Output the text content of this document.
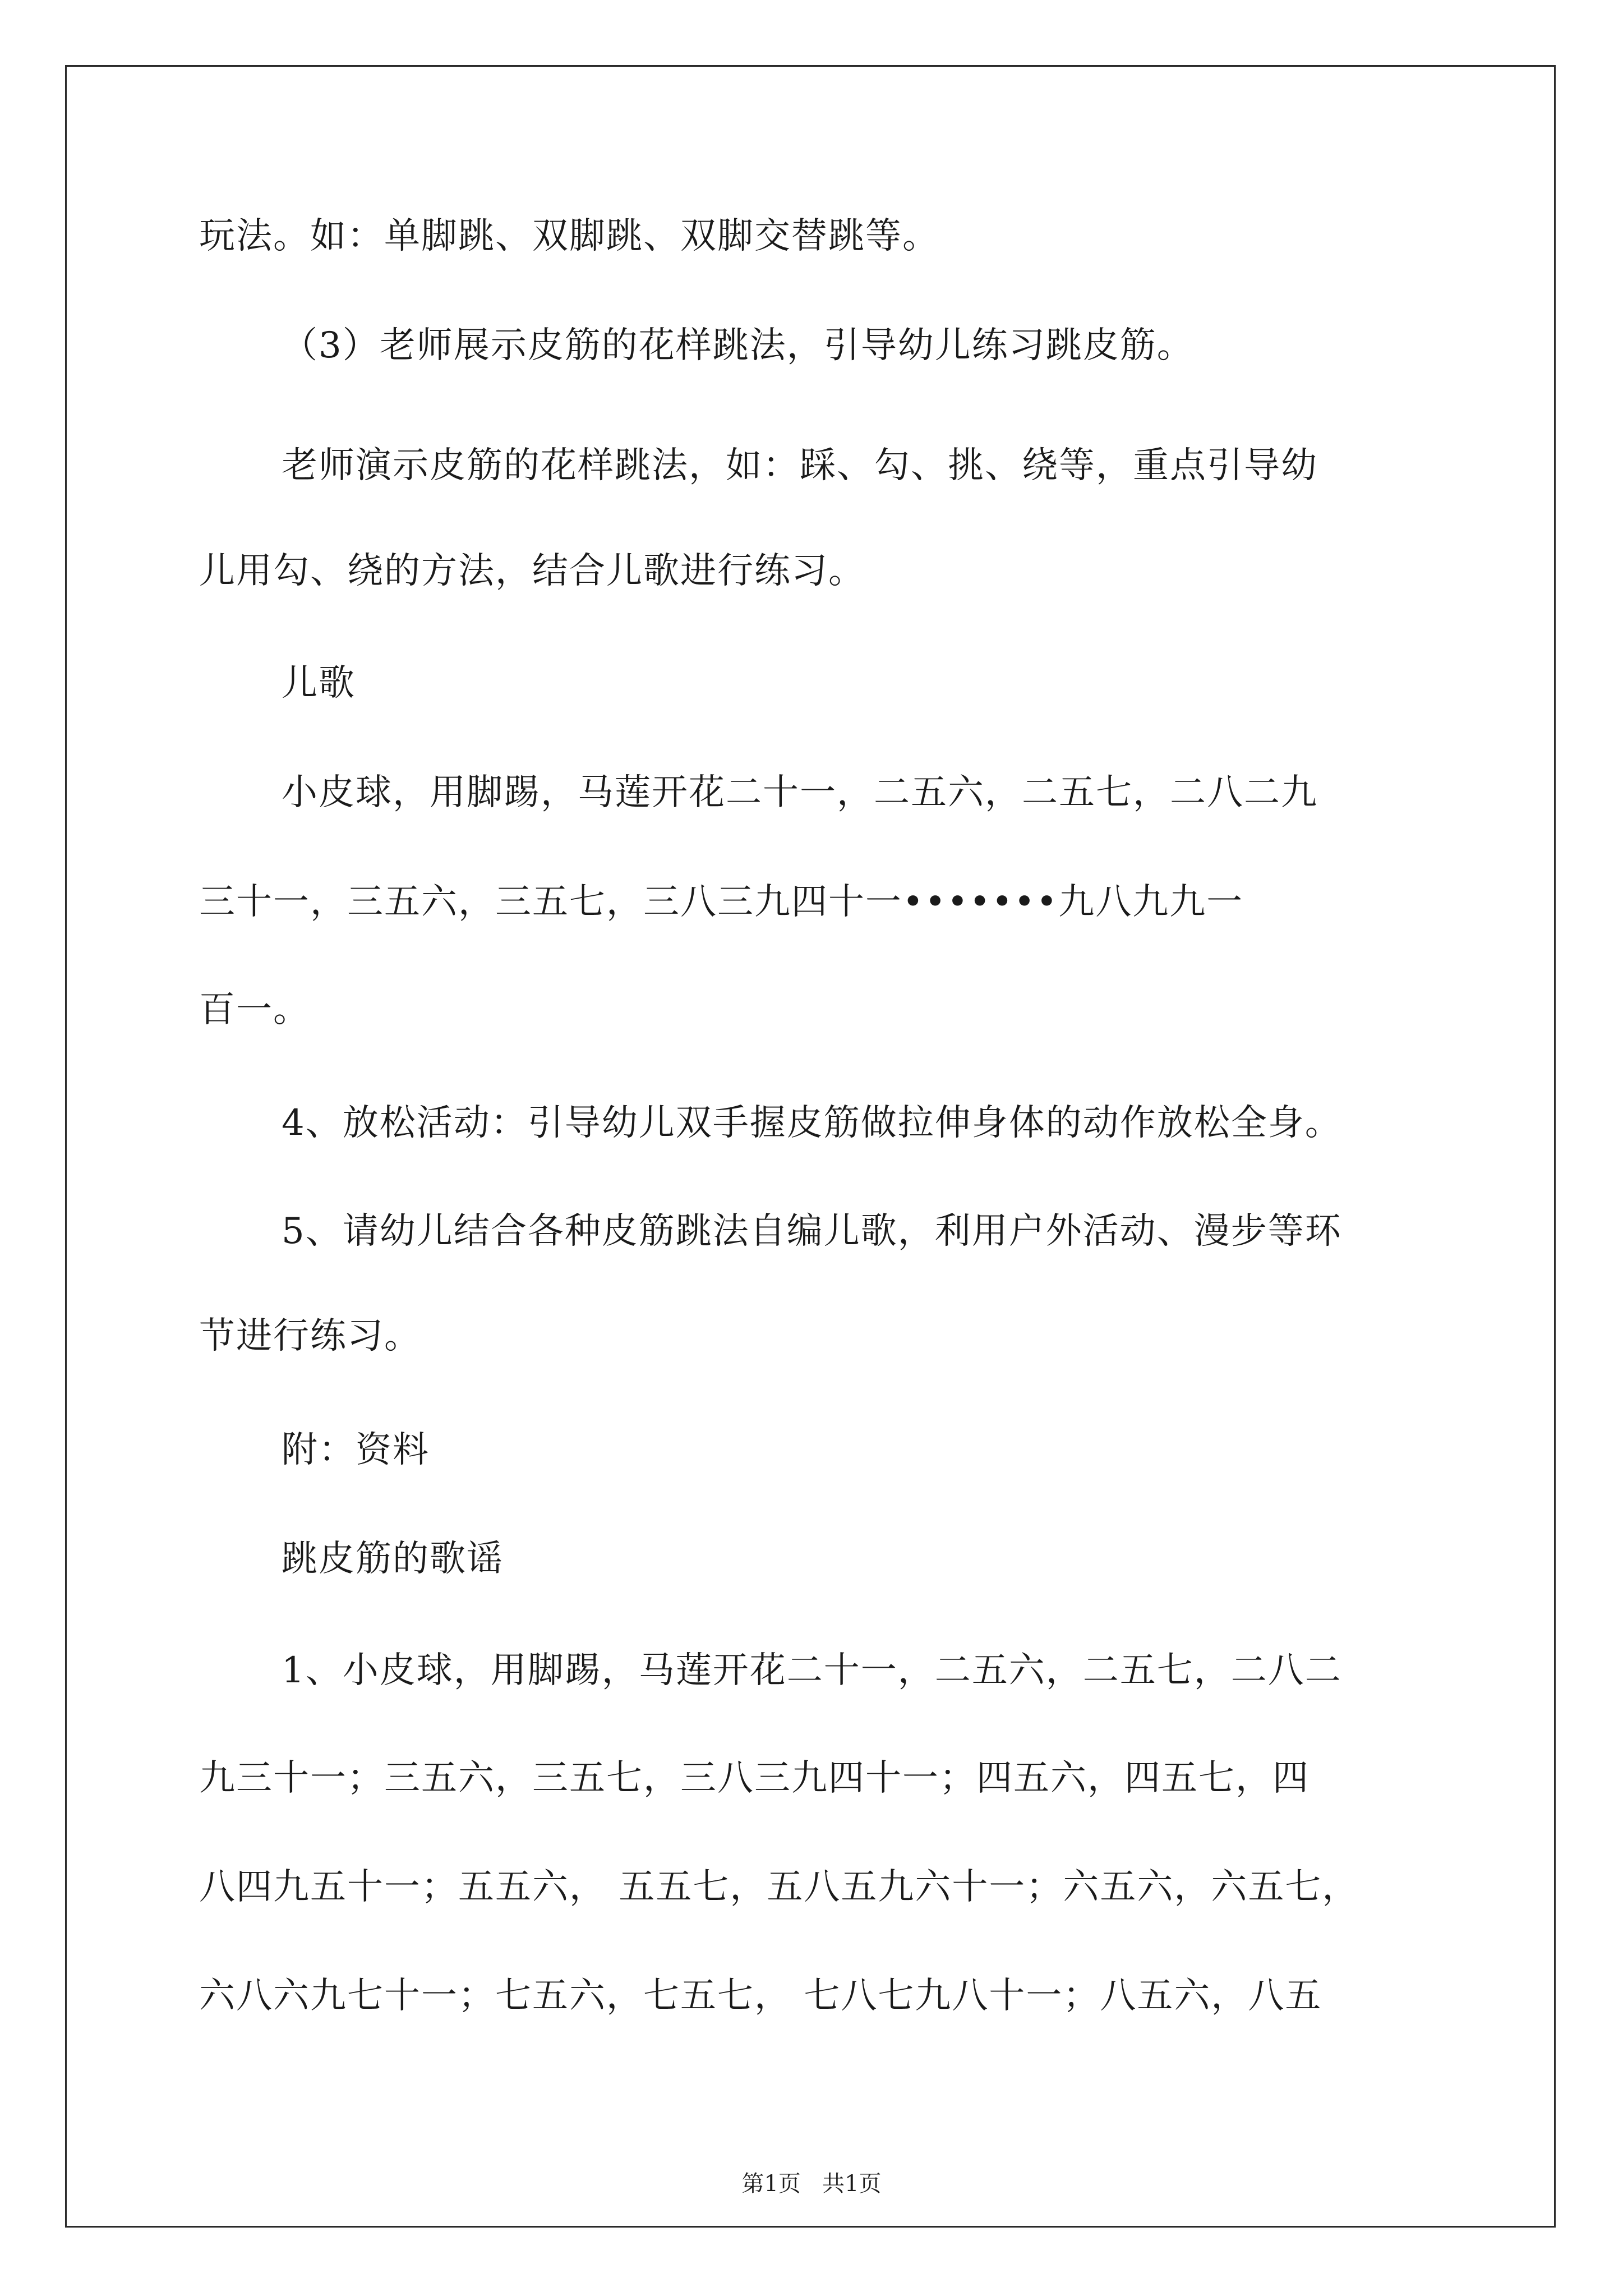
玩法。如：单脚跳、双脚跳、双脚交替跳等。
（3）老师展示皮筋的花样跳法，引导幼儿练习跳皮筋。
老师演示皮筋的花样跳法，如：踩、勾、挑、绕等，重点引导幼
儿用勾、绕的方法，结合儿歌进行练习。
儿歌
小皮球，用脚踢，马莲开花二十一，二五六，二五七，二八二九
三十一，三五六，三五七，三八三九四十一•••••••九八九九一
百一。
4、放松活动：引导幼儿双手握皮筋做拉伸身体的动作放松全身。
5、请幼儿结合各种皮筋跳法自编儿歌，利用户外活动、漫步等环
节进行练习。
附：资料
跳皮筋的歌谣
1、小皮球，用脚踢，马莲开花二十一，二五六，二五七，二八二
九三十一；三五六，三五七，三八三九四十一；四五六，四五七，四
八四九五十一；五五六， 五五七，五八五九六十一；六五六，六五七，
六八六九七十一；七五六，七五七， 七八七九八十一；八五六，八五
第1页   共1页
